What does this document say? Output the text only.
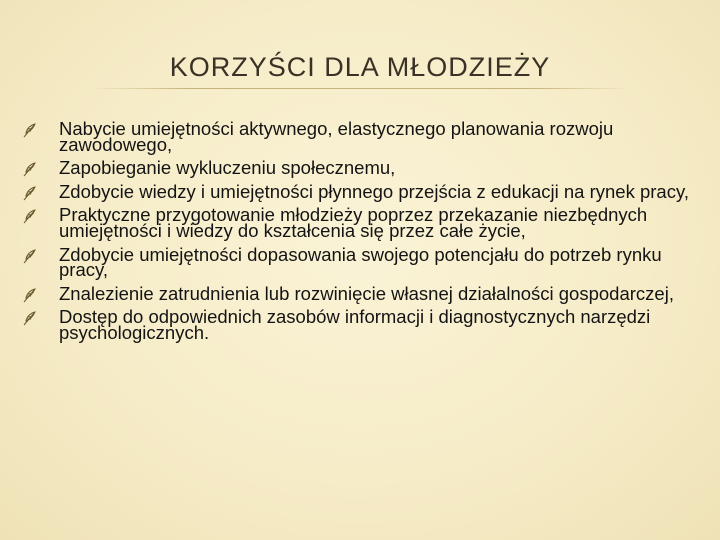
KORZYŚCI DLA MŁODZIEŻY
Nabycie umiejętności aktywnego, elastycznego planowania rozwoju zawodowego,
Zapobieganie wykluczeniu społecznemu,
Zdobycie wiedzy i umiejętności płynnego przejścia z edukacji na rynek pracy,
Praktyczne przygotowanie młodzieży poprzez przekazanie niezbędnych umiejętności i wiedzy do kształcenia się przez całe życie,
Zdobycie umiejętności dopasowania swojego potencjału do potrzeb rynku pracy,
Znalezienie zatrudnienia lub rozwinięcie własnej działalności gospodarczej,
Dostęp do odpowiednich zasobów informacji i diagnostycznych narzędzi psychologicznych.
